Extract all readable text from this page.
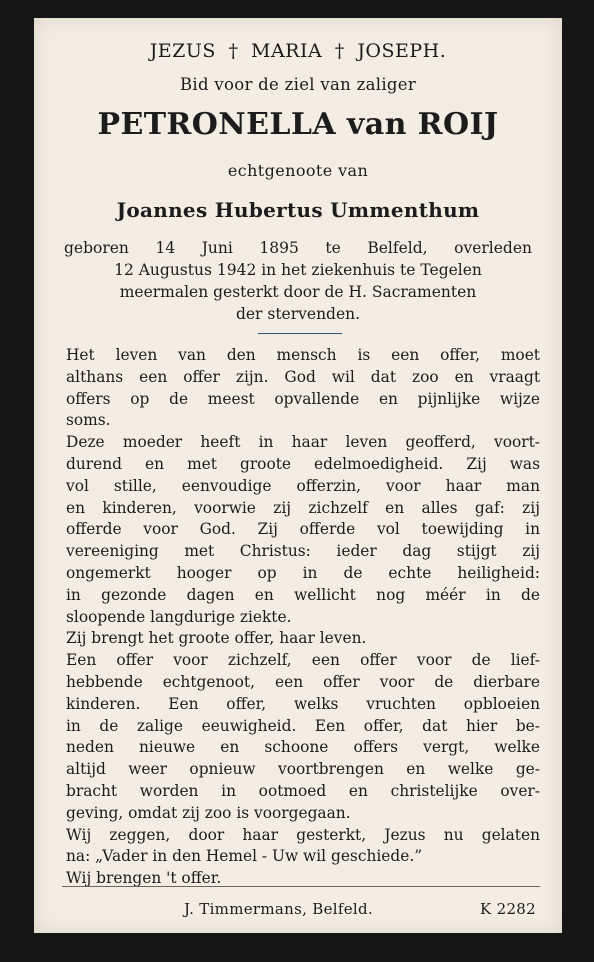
JEZUS † MARIA † JOSEPH.
Bid voor de ziel van zaliger
PETRONELLA van ROIJ
echtgenoote van
Joannes Hubertus Ummenthum
geboren 14 Juni 1895 te Belfeld, overleden
12 Augustus 1942 in het ziekenhuis te Tegelen
meermalen gesterkt door de H. Sacramenten
der stervenden.
Het leven van den mensch is een offer, moet
althans een offer zijn. God wil dat zoo en vraagt
offers op de meest opvallende en pijnlijke wijze
soms.
Deze moeder heeft in haar leven geofferd, voort-
durend en met groote edelmoedigheid. Zij was
vol stille, eenvoudige offerzin, voor haar man
en kinderen, voorwie zij zichzelf en alles gaf: zij
offerde voor God. Zij offerde vol toewijding in
vereeniging met Christus: ieder dag stijgt zij
ongemerkt hooger op in de echte heiligheid:
in gezonde dagen en wellicht nog méér in de
sloopende langdurige ziekte.
Zij brengt het groote offer, haar leven.
Een offer voor zichzelf, een offer voor de lief-
hebbende echtgenoot, een offer voor de dierbare
kinderen. Een offer, welks vruchten opbloeien
in de zalige eeuwigheid. Een offer, dat hier be-
neden nieuwe en schoone offers vergt, welke
altijd weer opnieuw voortbrengen en welke ge-
bracht worden in ootmoed en christelijke over-
geving, omdat zij zoo is voorgegaan.
Wij zeggen, door haar gesterkt, Jezus nu gelaten
na: „Vader in den Hemel - Uw wil geschiede.”
Wij brengen 't offer.
J. Timmermans, Belfeld.	K 2282
